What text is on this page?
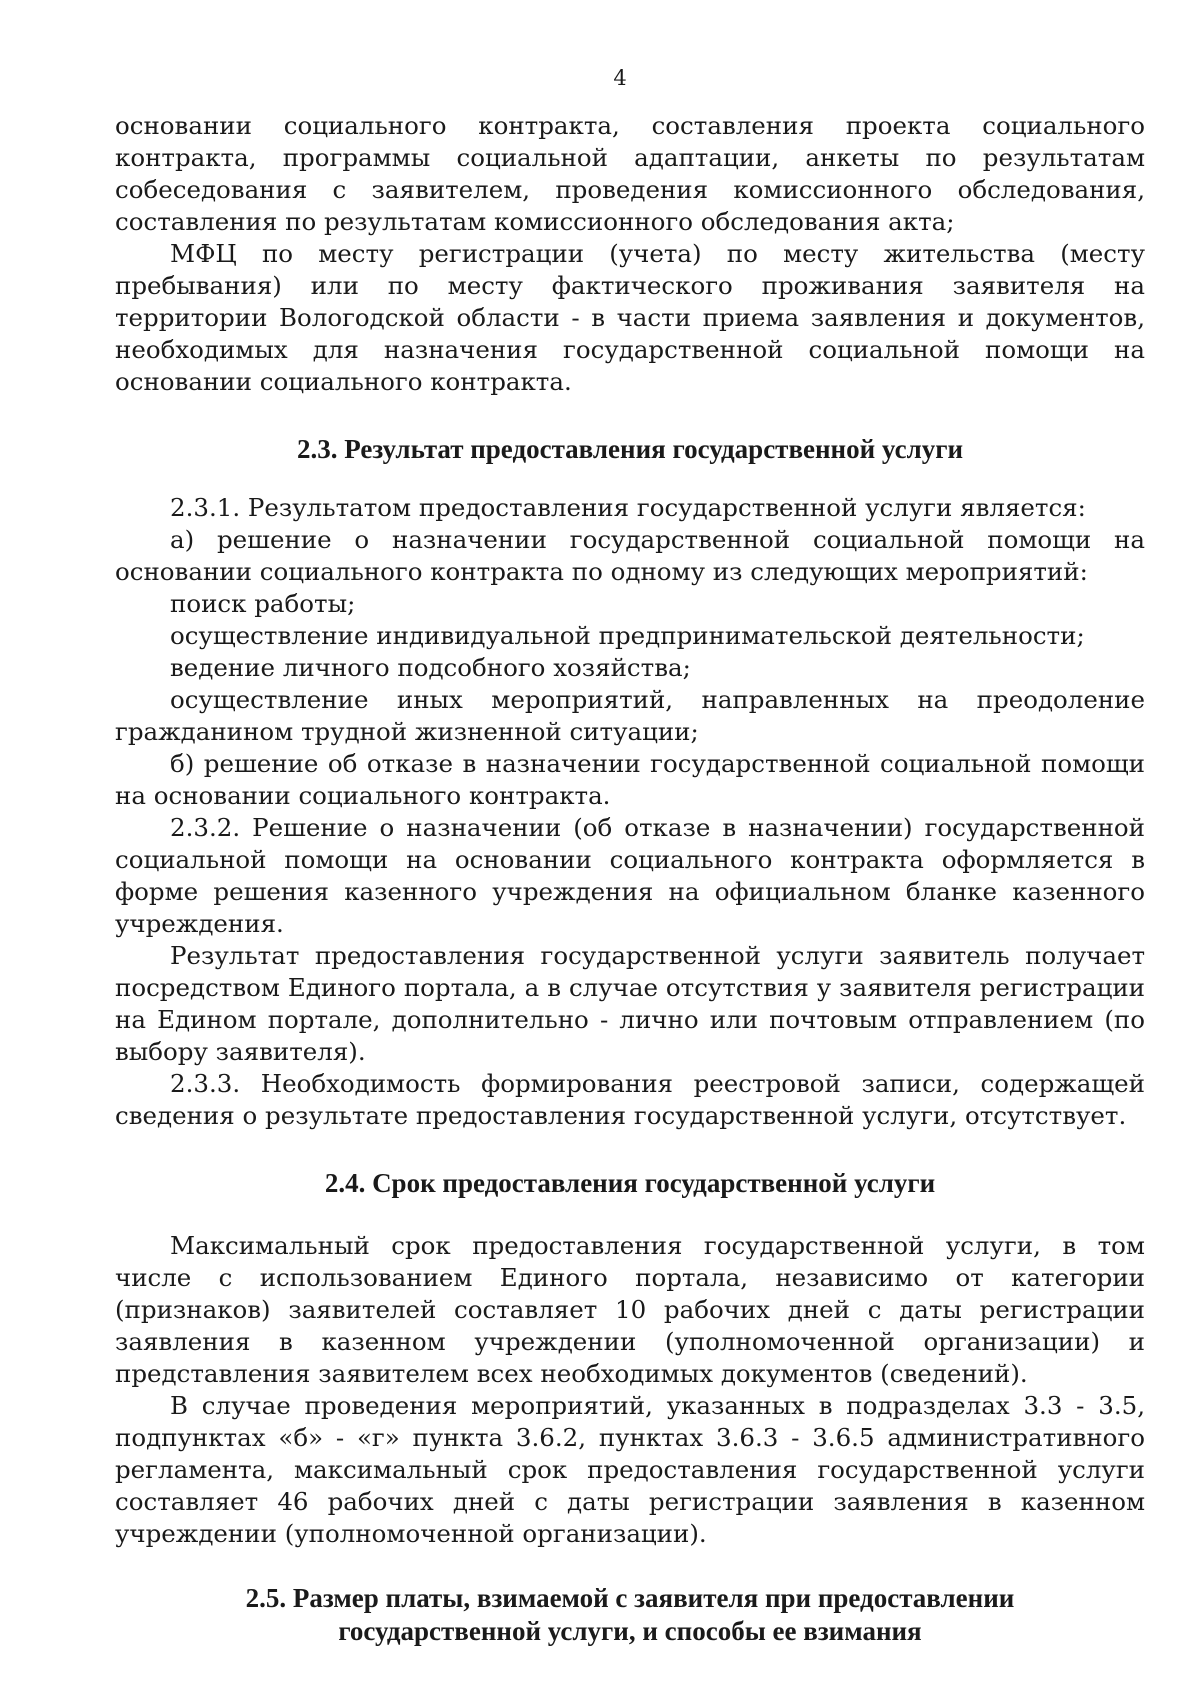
4

основании социального контракта, составления проекта социального контракта, программы социальной адаптации, анкеты по результатам собеседования с заявителем, проведения комиссионного обследования, составления по результатам комиссионного обследования акта;

МФЦ по месту регистрации (учета) по месту жительства (месту пребывания) или по месту фактического проживания заявителя на территории Вологодской области - в части приема заявления и документов, необходимых для назначения государственной социальной помощи на основании социального контракта.

2.3. Результат предоставления государственной услуги

2.3.1. Результатом предоставления государственной услуги является:

а) решение о назначении государственной социальной помощи на основании социального контракта по одному из следующих мероприятий:

поиск работы;

осуществление индивидуальной предпринимательской деятельности;

ведение личного подсобного хозяйства;

осуществление иных мероприятий, направленных на преодоление гражданином трудной жизненной ситуации;

б) решение об отказе в назначении государственной социальной помощи на основании социального контракта.

2.3.2. Решение о назначении (об отказе в назначении) государственной социальной помощи на основании социального контракта оформляется в форме решения казенного учреждения на официальном бланке казенного учреждения.

Результат предоставления государственной услуги заявитель получает посредством Единого портала, а в случае отсутствия у заявителя регистрации на Едином портале, дополнительно - лично или почтовым отправлением (по выбору заявителя).

2.3.3. Необходимость формирования реестровой записи, содержащей сведения о результате предоставления государственной услуги, отсутствует.

2.4. Срок предоставления государственной услуги

Максимальный срок предоставления государственной услуги, в том числе с использованием Единого портала, независимо от категории (признаков) заявителей составляет 10 рабочих дней с даты регистрации заявления в казенном учреждении (уполномоченной организации) и представления заявителем всех необходимых документов (сведений).

В случае проведения мероприятий, указанных в подразделах 3.3 - 3.5, подпунктах «б» - «г» пункта 3.6.2, пунктах 3.6.3 - 3.6.5 административного регламента, максимальный срок предоставления государственной услуги составляет 46 рабочих дней с даты регистрации заявления в казенном учреждении (уполномоченной организации).

2.5. Размер платы, взимаемой с заявителя при предоставлении
государственной услуги, и способы ее взимания
